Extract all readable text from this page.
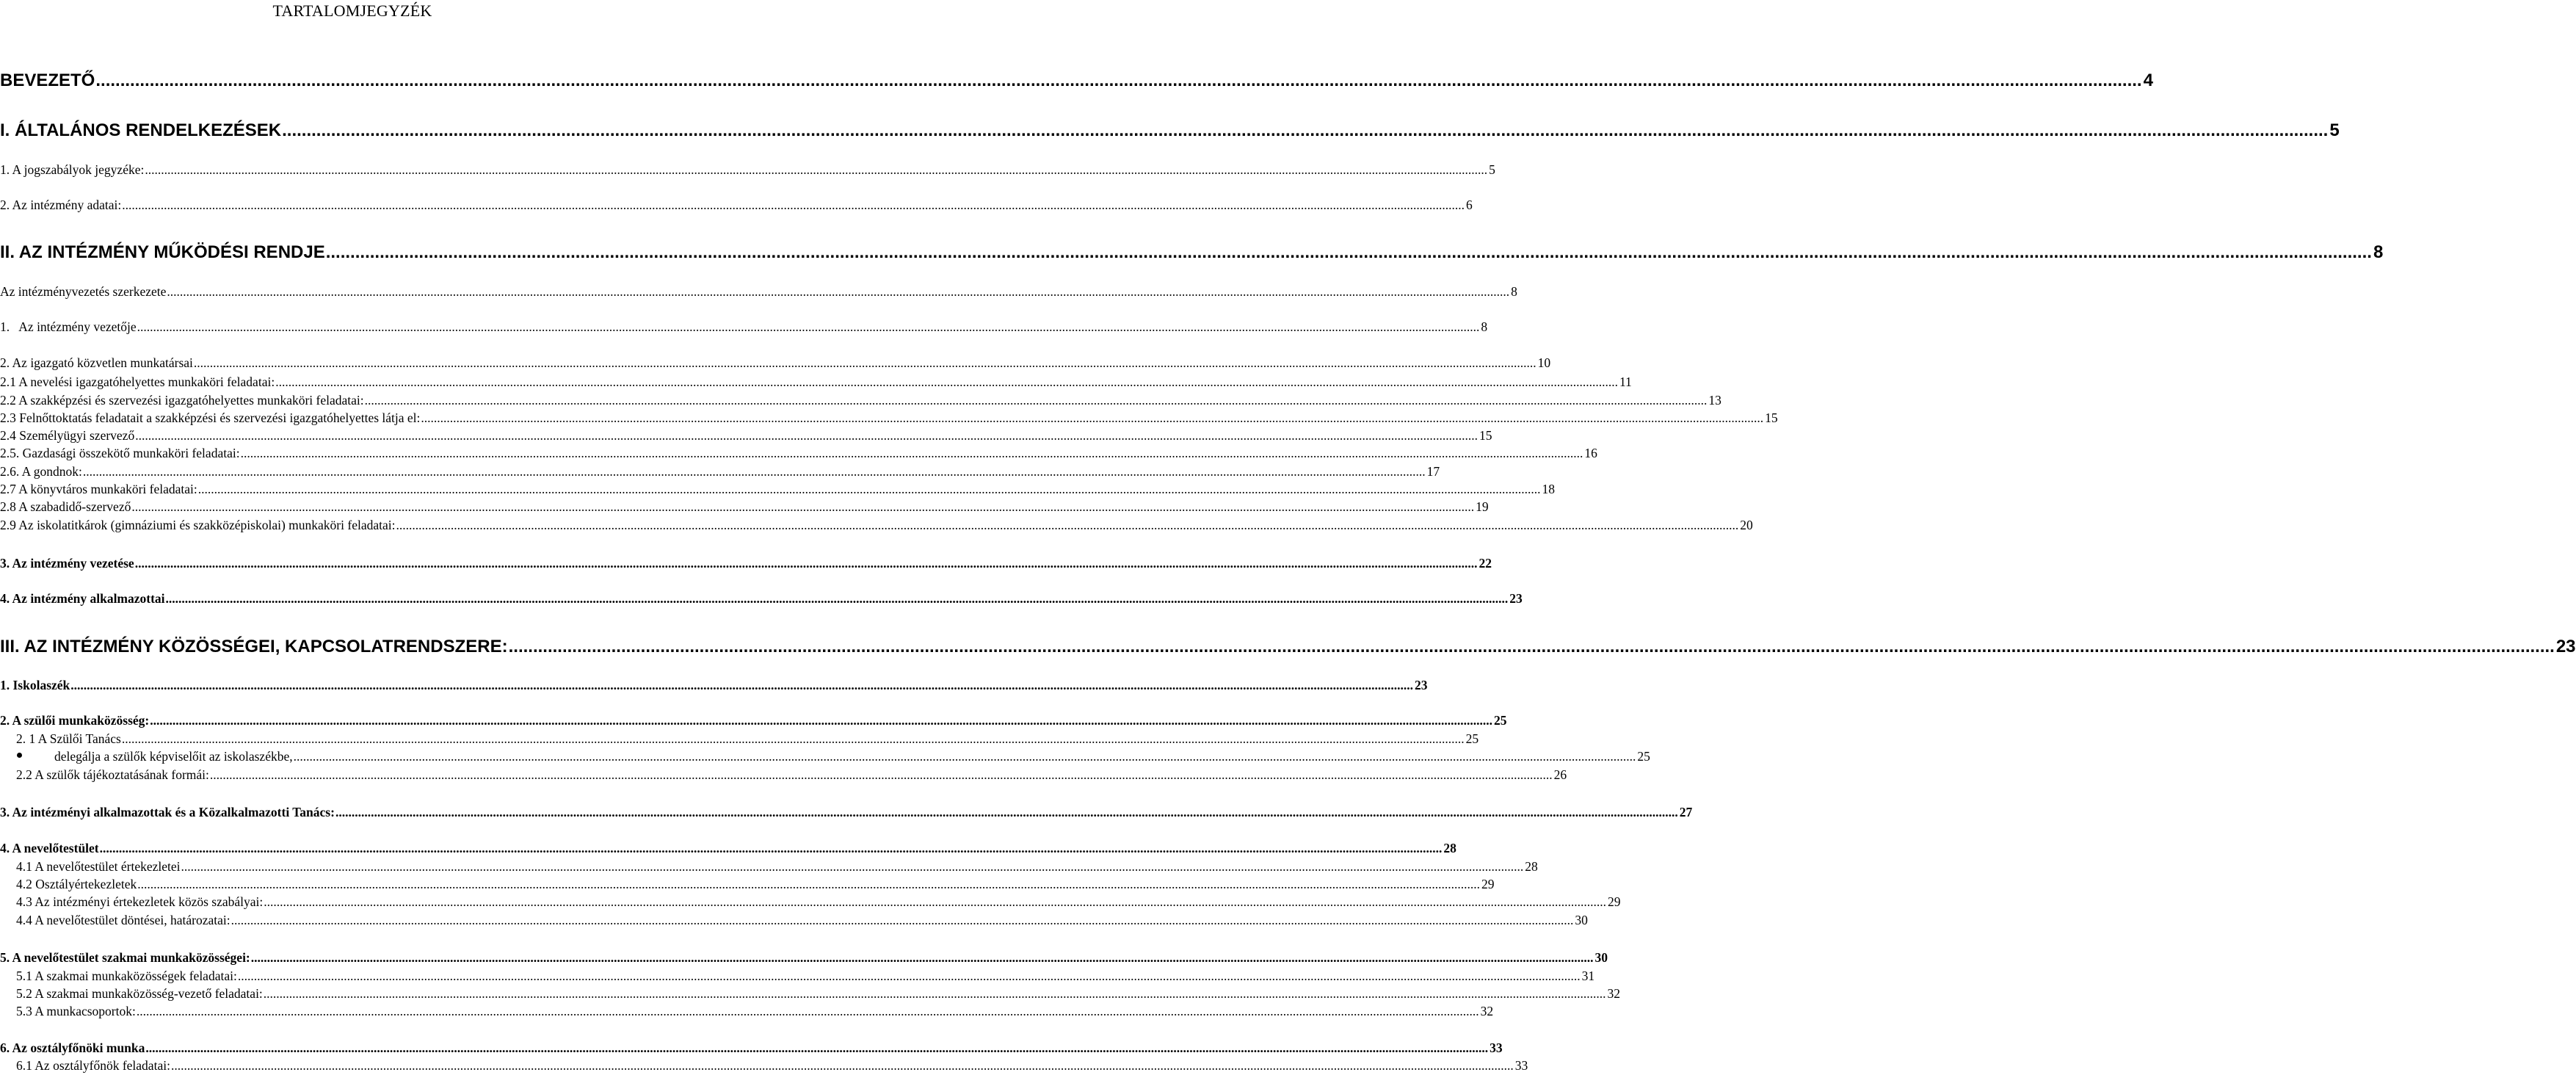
TARTALOMJEGYZÉK
BEVEZETŐ .....	4
I. ÁLTALÁNOS RENDELKEZÉSEK .....	5
1. A jogszabályok jegyzéke: .....	5
2. Az intézmény adatai: .....	6
II. AZ INTÉZMÉNY MŰKÖDÉSI RENDJE .....	8
Az intézményvezetés szerkezete .....	8
1.   Az intézmény vezetője .....	8
2. Az igazgató közvetlen munkatársai .....	10
2.1 A nevelési igazgatóhelyettes munkaköri feladatai: .....	11
2.2 A szakképzési és szervezési igazgatóhelyettes munkaköri feladatai: .....	13
2.3 Felnőttoktatás feladatait a szakképzési és szervezési igazgatóhelyettes látja el: .....	15
2.4 Személyügyi szervező .....	15
2.5. Gazdasági összekötő munkaköri feladatai: .....	16
2.6. A gondnok: .....	17
2.7 A könyvtáros munkaköri feladatai: .....	18
2.8 A szabadidő-szervező .....	19
2.9 Az iskolatitkárok (gimnáziumi és szakközépiskolai) munkaköri feladatai: .....	20
3. Az intézmény vezetése .....	22
4. Az intézmény alkalmazottai .....	23
III. AZ INTÉZMÉNY KÖZÖSSÉGEI, KAPCSOLATRENDSZERE: .....	23
1. Iskolaszék .....	23
2. A szülői munkaközösség: .....	25
2. 1 A Szülői Tanács .....	25
delegálja a szülők képviselőit az iskolaszékbe, .....	25
2.2 A szülők tájékoztatásának formái: .....	26
3. Az intézményi alkalmazottak és a Közalkalmazotti Tanács: .....	27
4. A nevelőtestület .....	28
4.1 A nevelőtestület értekezletei .....	28
4.2 Osztályértekezletek .....	29
4.3 Az intézményi értekezletek közös szabályai: .....	29
4.4 A nevelőtestület döntései, határozatai: .....	30
5. A nevelőtestület szakmai munkaközösségei: .....	30
5.1 A szakmai munkaközösségek feladatai: .....	31
5.2 A szakmai munkaközösség-vezető feladatai: .....	32
5.3 A munkacsoportok: .....	32
6. Az osztályfőnöki munka .....	33
6.1 Az osztályfőnök feladatai: .....	33
